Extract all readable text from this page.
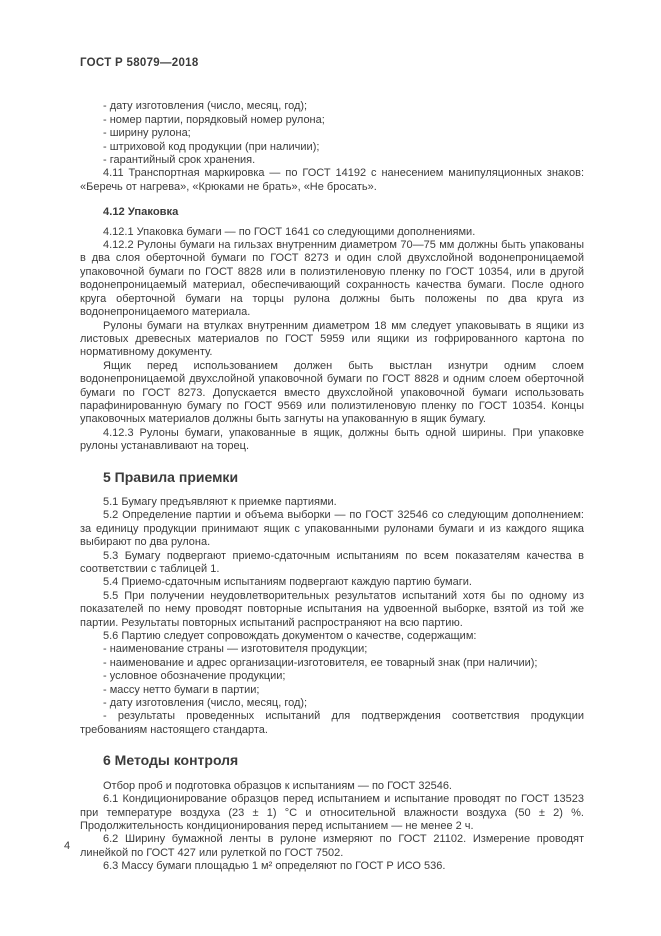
ГОСТ Р 58079—2018

- дату изготовления (число, месяц, год);

- номер партии, порядковый номер рулона;

- ширину рулона;

- штриховой код продукции (при наличии);

- гарантийный срок хранения.

4.11 Транспортная маркировка — по ГОСТ 14192 с нанесением манипуляционных знаков: «Беречь от нагрева», «Крюками не брать», «Не бросать».

4.12 Упаковка

4.12.1 Упаковка бумаги — по ГОСТ 1641 со следующими дополнениями.

4.12.2 Рулоны бумаги на гильзах внутренним диаметром 70—75 мм должны быть упакованы в два слоя оберточной бумаги по ГОСТ 8273 и один слой двухслойной водонепроницаемой упаковочной бумаги по ГОСТ 8828 или в полиэтиленовую пленку по ГОСТ 10354, или в другой водонепроницаемый материал, обеспечивающий сохранность качества бумаги. После одного круга оберточной бумаги на торцы рулона должны быть положены по два круга из водонепроницаемого материала.

Рулоны бумаги на втулках внутренним диаметром 18 мм следует упаковывать в ящики из листовых древесных материалов по ГОСТ 5959 или ящики из гофрированного картона по нормативному документу.

Ящик перед использованием должен быть выстлан изнутри одним слоем водонепроницаемой двухслойной упаковочной бумаги по ГОСТ 8828 и одним слоем оберточной бумаги по ГОСТ 8273. Допускается вместо двухслойной упаковочной бумаги использовать парафинированную бумагу по ГОСТ 9569 или полиэтиленовую пленку по ГОСТ 10354. Концы упаковочных материалов должны быть загнуты на упакованную в ящик бумагу.

4.12.3 Рулоны бумаги, упакованные в ящик, должны быть одной ширины. При упаковке рулоны устанавливают на торец.

5 Правила приемки

5.1 Бумагу предъявляют к приемке партиями.

5.2 Определение партии и объема выборки — по ГОСТ 32546 со следующим дополнением: за единицу продукции принимают ящик с упакованными рулонами бумаги и из каждого ящика выбирают по два рулона.

5.3 Бумагу подвергают приемо-сдаточным испытаниям по всем показателям качества в соответствии с таблицей 1.

5.4 Приемо-сдаточным испытаниям подвергают каждую партию бумаги.

5.5 При получении неудовлетворительных результатов испытаний хотя бы по одному из показателей по нему проводят повторные испытания на удвоенной выборке, взятой из той же партии. Результаты повторных испытаний распространяют на всю партию.

5.6 Партию следует сопровождать документом о качестве, содержащим:

- наименование страны — изготовителя продукции;

- наименование и адрес организации-изготовителя, ее товарный знак (при наличии);

- условное обозначение продукции;

- массу нетто бумаги в партии;

- дату изготовления (число, месяц, год);

- результаты проведенных испытаний для подтверждения соответствия продукции требованиям настоящего стандарта.

6 Методы контроля

Отбор проб и подготовка образцов к испытаниям — по ГОСТ 32546.

6.1 Кондиционирование образцов перед испытанием и испытание проводят по ГОСТ 13523 при температуре воздуха (23 ± 1) °C и относительной влажности воздуха (50 ± 2) %. Продолжительность кондиционирования перед испытанием — не менее 2 ч.

6.2 Ширину бумажной ленты в рулоне измеряют по ГОСТ 21102. Измерение проводят линейкой по ГОСТ 427 или рулеткой по ГОСТ 7502.

6.3 Массу бумаги площадью 1 м² определяют по ГОСТ Р ИСО 536.

4
